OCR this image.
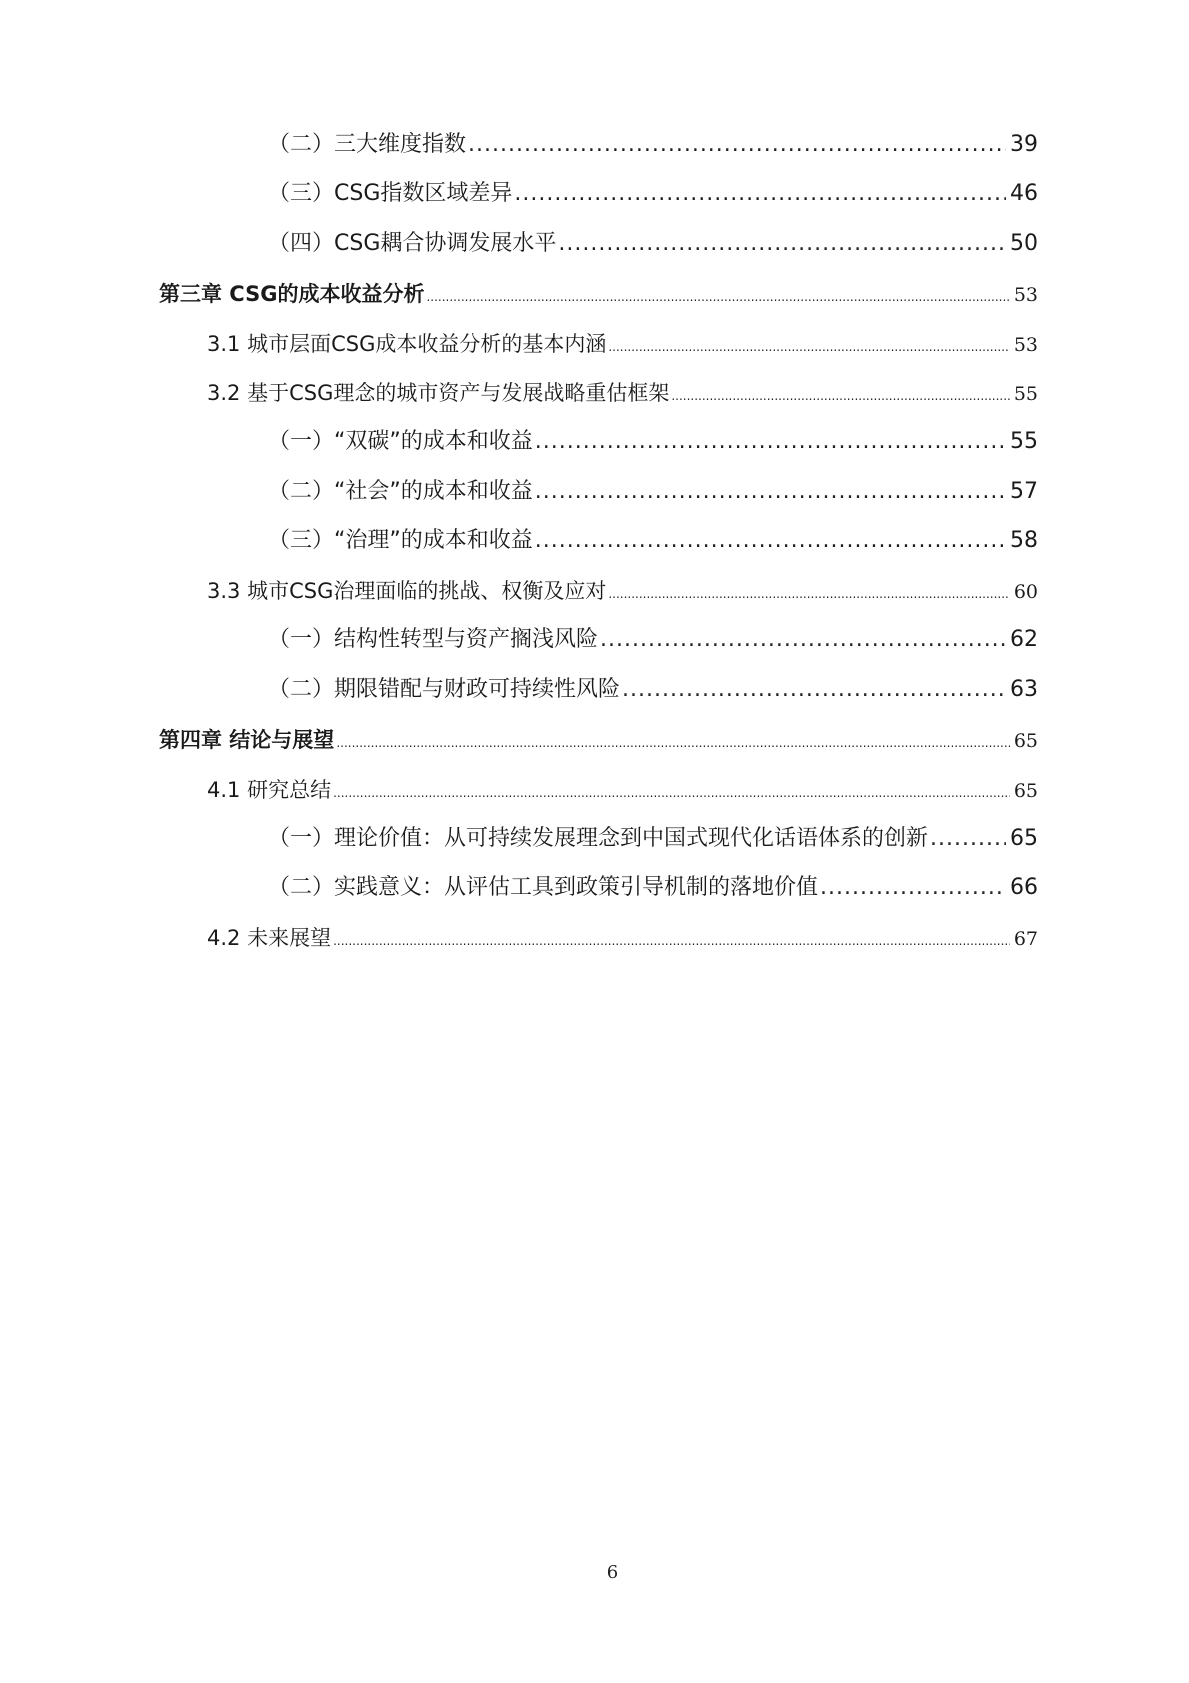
（二）三大维度指数 .....	39
（三）CSG指数区域差异 .....	46
（四）CSG耦合协调发展水平 .....	50
第三章 CSG的成本收益分析 .....	53
3.1 城市层面CSG成本收益分析的基本内涵 .....	53
3.2 基于CSG理念的城市资产与发展战略重估框架 .....	55
（一）“双碳”的成本和收益 .....	55
（二）“社会”的成本和收益 .....	57
（三）“治理”的成本和收益 .....	58
3.3 城市CSG治理面临的挑战、权衡及应对 .....	60
（一）结构性转型与资产搁浅风险 .....	62
（二）期限错配与财政可持续性风险 .....	63
第四章 结论与展望 .....	65
4.1 研究总结 .....	65
（一）理论价值：从可持续发展理念到中国式现代化话语体系的创新 .....	65
（二）实践意义：从评估工具到政策引导机制的落地价值 .....	66
4.2 未来展望 .....	67
6
